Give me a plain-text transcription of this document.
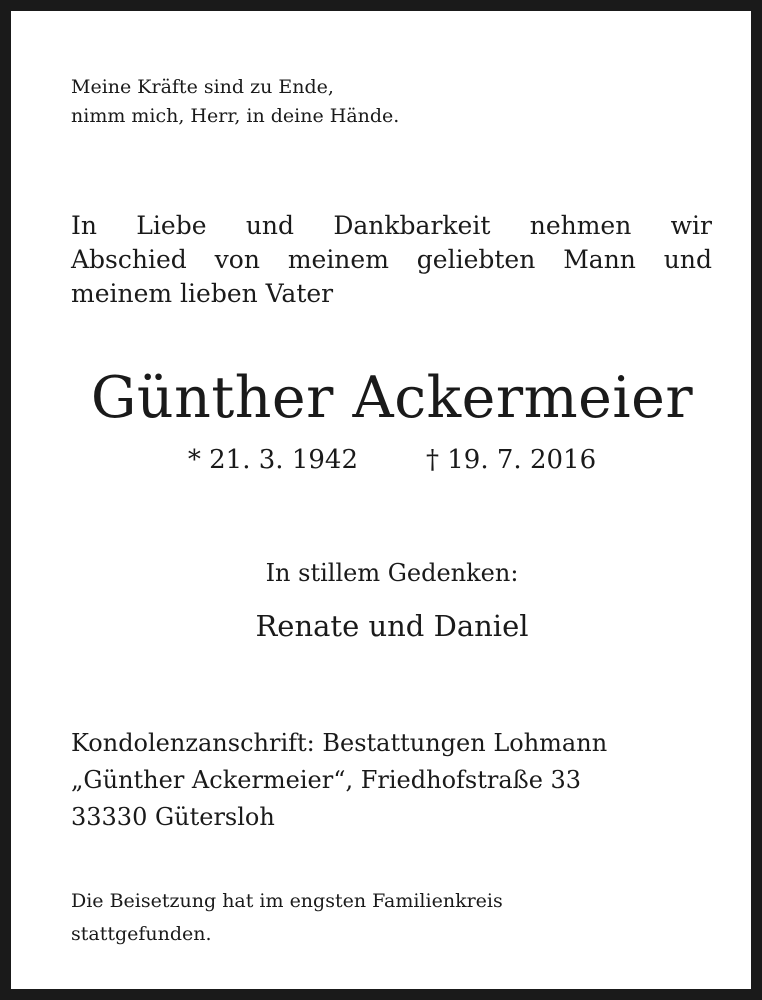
Meine Kräfte sind zu Ende,
nimm mich, Herr, in deine Hände.
In Liebe und Dankbarkeit nehmen wir
Abschied von meinem geliebten Mann und
meinem lieben Vater
Günther Ackermeier
* 21. 3. 1942	† 19. 7. 2016
In stillem Gedenken:
Renate und Daniel
Kondolenzanschrift: Bestattungen Lohmann
„Günther Ackermeier“, Friedhofstraße 33
33330 Gütersloh
Die Beisetzung hat im engsten Familienkreis
stattgefunden.
